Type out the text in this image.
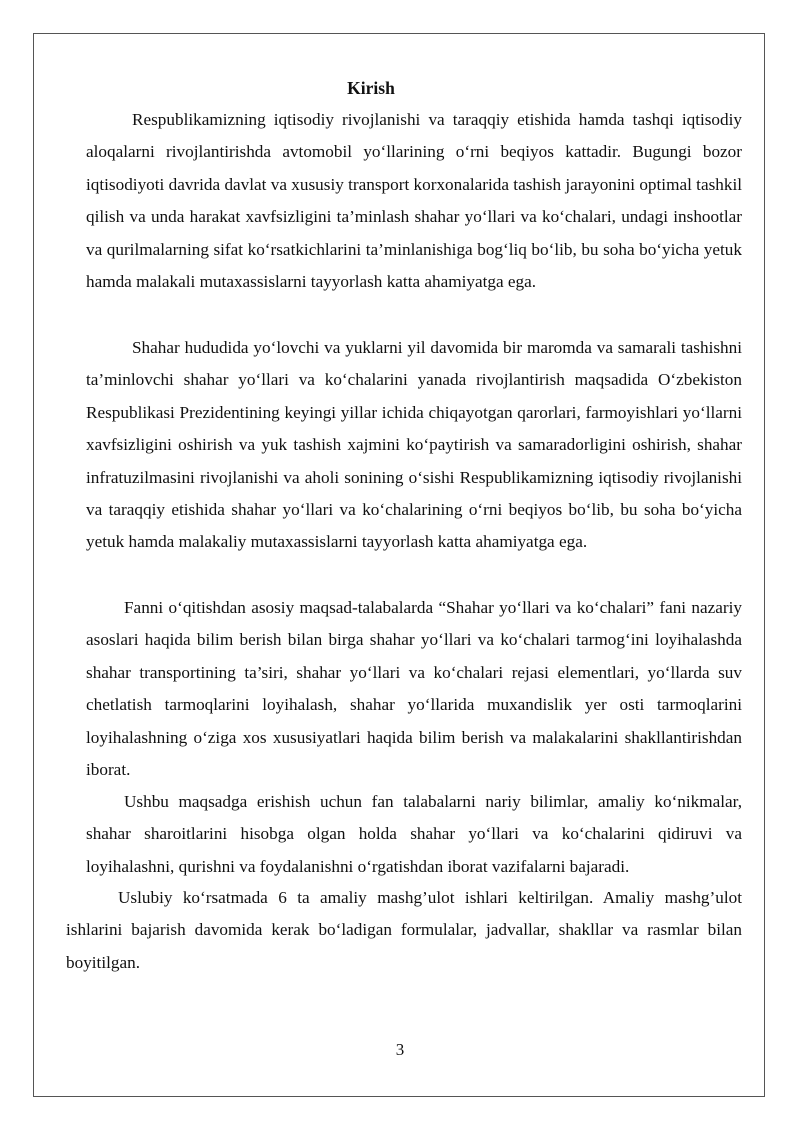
Kirish

Respublikamizning iqtisodiy rivojlanishi va taraqqiy etishida hamda tashqi iqtisodiy aloqalarni rivojlantirishda avtomobil yo‘llarining o‘rni beqiyos kattadir. Bugungi bozor iqtisodiyoti davrida davlat va xususiy transport korxonalarida tashish jarayonini optimal tashkil qilish va unda harakat xavfsizligini ta’minlash shahar yo‘llari va ko‘chalari, undagi inshootlar va qurilmalarning sifat ko‘rsatkichlarini ta’minlanishiga bog‘liq bo‘lib, bu soha bo‘yicha yetuk hamda malakali mutaxassislarni tayyorlash katta ahamiyatga ega.

Shahar hududida yo‘lovchi va yuklarni yil davomida bir maromda va samarali tashishni ta’minlovchi shahar yo‘llari va ko‘chalarini yanada rivojlantirish maqsadida O‘zbekiston Respublikasi Prezidentining keyingi yillar ichida chiqayotgan qarorlari, farmoyishlari yo‘llarni xavfsizligini oshirish va yuk tashish xajmini ko‘paytirish va samaradorligini oshirish, shahar infratuzilmasini rivojlanishi va aholi sonining o‘sishi Respublikamizning iqtisodiy rivojlanishi va taraqqiy etishida shahar yo‘llari va ko‘chalarining o‘rni beqiyos bo‘lib, bu soha bo‘yicha yetuk hamda malakaliy mutaxassislarni tayyorlash katta ahamiyatga ega.

Fanni o‘qitishdan asosiy maqsad-talabalarda “Shahar yo‘llari va ko‘chalari” fani nazariy asoslari haqida bilim berish bilan birga shahar yo‘llari va ko‘chalari tarmog‘ini loyihalashda shahar transportining ta’siri, shahar yo‘llari va ko‘chalari rejasi elementlari, yo‘llarda suv chetlatish tarmoqlarini loyihalash, shahar yo‘llarida muxandislik yer osti tarmoqlarini loyihalashning o‘ziga xos xususiyatlari haqida bilim berish va malakalarini shakllantirishdan iborat.

Ushbu maqsadga erishish uchun fan talabalarni nariy bilimlar, amaliy ko‘nikmalar, shahar sharoitlarini hisobga olgan holda shahar yo‘llari va ko‘chalarini qidiruvi va loyihalashni, qurishni va foydalanishni o‘rgatishdan iborat vazifalarni bajaradi.

Uslubiy ko‘rsatmada 6 ta amaliy mashg’ulot ishlari keltirilgan. Amaliy mashg’ulot ishlarini bajarish davomida kerak bo‘ladigan formulalar, jadvallar, shakllar va rasmlar bilan boyitilgan.

3
